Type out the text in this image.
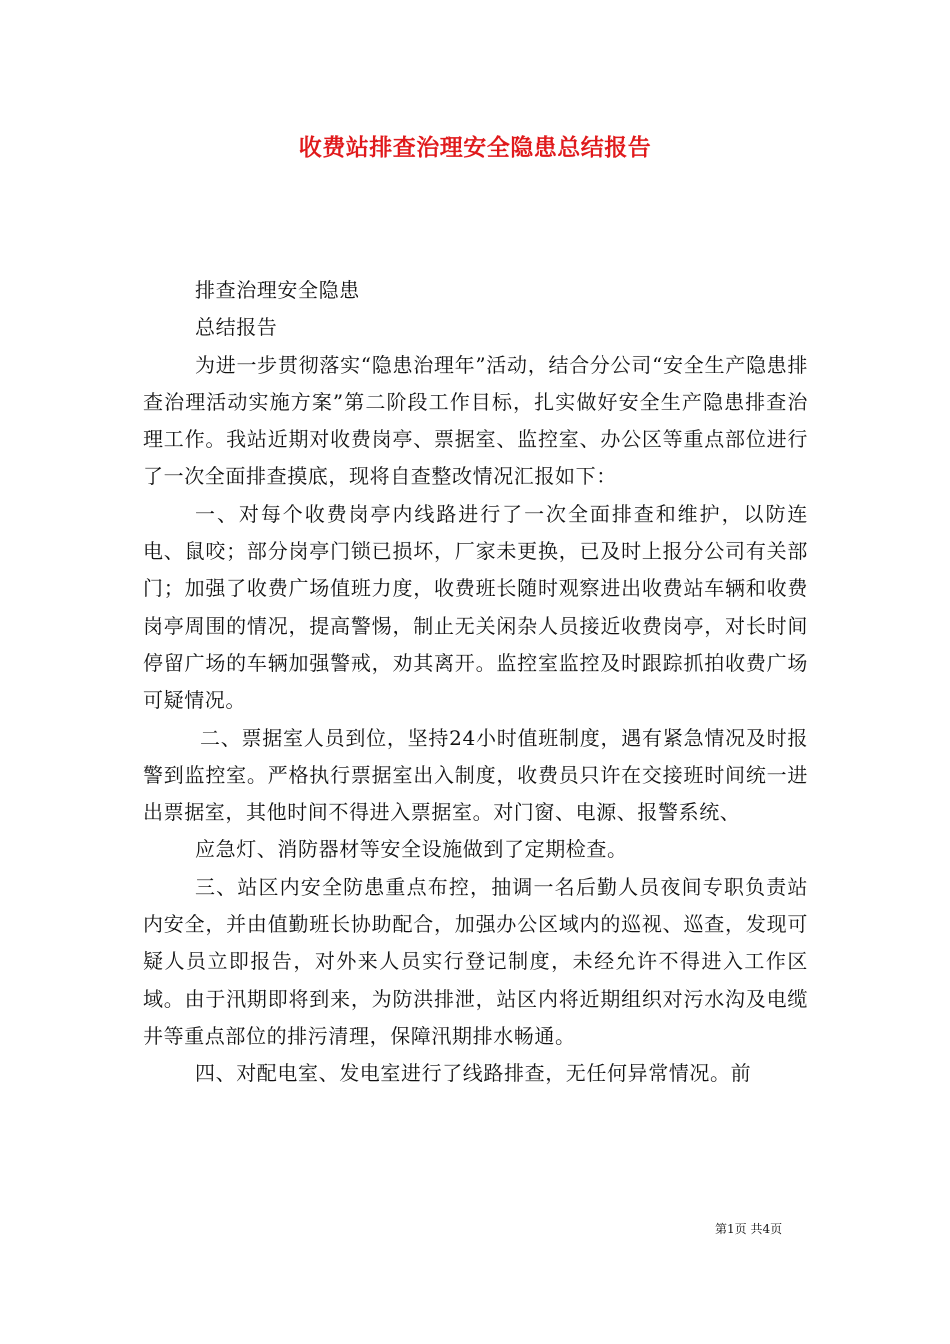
收费站排查治理安全隐患总结报告

排查治理安全隐患

总结报告

为进一步贯彻落实“隐患治理年”活动，结合分公司“安全生产隐患排查治理活动实施方案”第二阶段工作目标，扎实做好安全生产隐患排查治理工作。我站近期对收费岗亭、票据室、监控室、办公区等重点部位进行了一次全面排查摸底，现将自查整改情况汇报如下：

一、对每个收费岗亭内线路进行了一次全面排查和维护，以防连电、鼠咬；部分岗亭门锁已损坏，厂家未更换，已及时上报分公司有关部门；加强了收费广场值班力度，收费班长随时观察进出收费站车辆和收费岗亭周围的情况，提高警惕，制止无关闲杂人员接近收费岗亭，对长时间停留广场的车辆加强警戒，劝其离开。监控室监控及时跟踪抓拍收费广场可疑情况。

二、票据室人员到位，坚持24小时值班制度，遇有紧急情况及时报警到监控室。严格执行票据室出入制度，收费员只许在交接班时间统一进出票据室，其他时间不得进入票据室。对门窗、电源、报警系统、

应急灯、消防器材等安全设施做到了定期检查。

三、站区内安全防患重点布控，抽调一名后勤人员夜间专职负责站内安全，并由值勤班长协助配合，加强办公区域内的巡视、巡查，发现可疑人员立即报告，对外来人员实行登记制度，未经允许不得进入工作区域。由于汛期即将到来，为防洪排泄，站区内将近期组织对污水沟及电缆井等重点部位的排污清理，保障汛期排水畅通。

四、对配电室、发电室进行了线路排查，无任何异常情况。前

第1页 共4页
